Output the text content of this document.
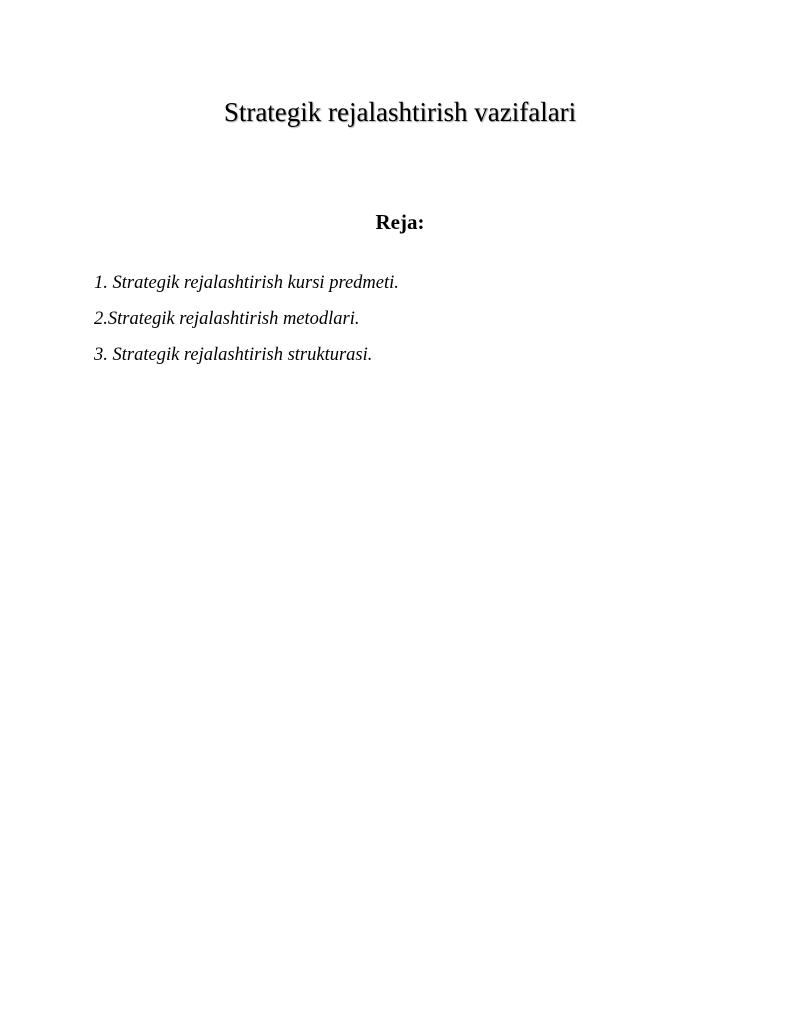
Strategik rejalashtirish vazifalari
Reja:
1. Strategik rejalashtirish kursi predmeti.
2.Strategik rejalashtirish metodlari.
3. Strategik rejalashtirish strukturasi.
